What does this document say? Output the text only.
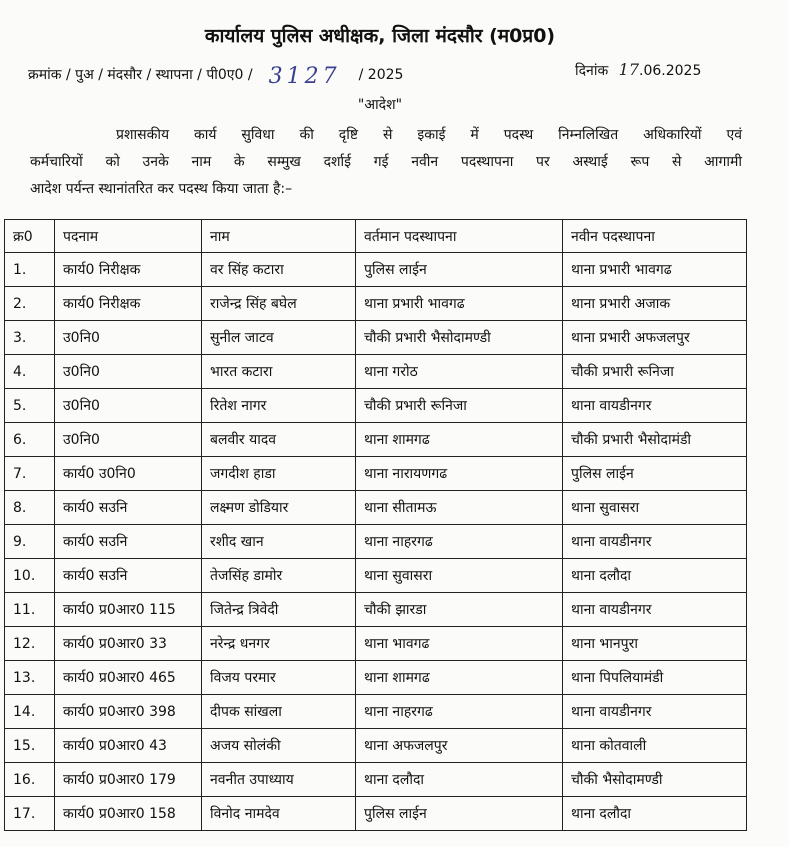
कार्यालय पुलिस अधीक्षक, जिला मंदसौर (म0प्र0)
क्रमांक / पुअ / मंदसौर / स्थापना / पी0ए0 / 3127 / 2025	दिनांक 17.06.2025
"आदेश"
प्रशासकीय कार्य सुविधा की दृष्टि से इकाई में पदस्थ निम्नलिखित अधिकारियों एवं
कर्मचारियों को उनके नाम के सम्मुख दर्शाई गई नवीन पदस्थापना पर अस्थाई रूप से आगामी
आदेश पर्यन्त स्थानांतरित कर पदस्थ किया जाता है:–
क्र0	पदनाम	नाम	वर्तमान पदस्थापना	नवीन पदस्थापना
1.	कार्य0 निरीक्षक	वर सिंह कटारा	पुलिस लाईन	थाना प्रभारी भावगढ
2.	कार्य0 निरीक्षक	राजेन्द्र सिंह बघेल	थाना प्रभारी भावगढ	थाना प्रभारी अजाक
3.	उ0नि0	सुनील जाटव	चौकी प्रभारी भैसोदामण्डी	थाना प्रभारी अफजलपुर
4.	उ0नि0	भारत कटारा	थाना गरोठ	चौकी प्रभारी रूनिजा
5.	उ0नि0	रितेश नागर	चौकी प्रभारी रूनिजा	थाना वायडीनगर
6.	उ0नि0	बलवीर यादव	थाना शामगढ	चौकी प्रभारी भैसोदामंडी
7.	कार्य0 उ0नि0	जगदीश हाडा	थाना नारायणगढ	पुलिस लाईन
8.	कार्य0 सउनि	लक्ष्मण डोडियार	थाना सीतामऊ	थाना सुवासरा
9.	कार्य0 सउनि	रशीद खान	थाना नाहरगढ	थाना वायडीनगर
10.	कार्य0 सउनि	तेजसिंह डामोर	थाना सुवासरा	थाना दलौदा
11.	कार्य0 प्र0आर0 115	जितेन्द्र त्रिवेदी	चौकी झारडा	थाना वायडीनगर
12.	कार्य0 प्र0आर0 33	नरेन्द्र धनगर	थाना भावगढ	थाना भानपुरा
13.	कार्य0 प्र0आर0 465	विजय परमार	थाना शामगढ	थाना पिपलियामंडी
14.	कार्य0 प्र0आर0 398	दीपक सांखला	थाना नाहरगढ	थाना वायडीनगर
15.	कार्य0 प्र0आर0 43	अजय सोलंकी	थाना अफजलपुर	थाना कोतवाली
16.	कार्य0 प्र0आर0 179	नवनीत उपाध्याय	थाना दलौदा	चौकी भैसोदामण्डी
17.	कार्य0 प्र0आर0 158	विनोद नामदेव	पुलिस लाईन	थाना दलौदा
